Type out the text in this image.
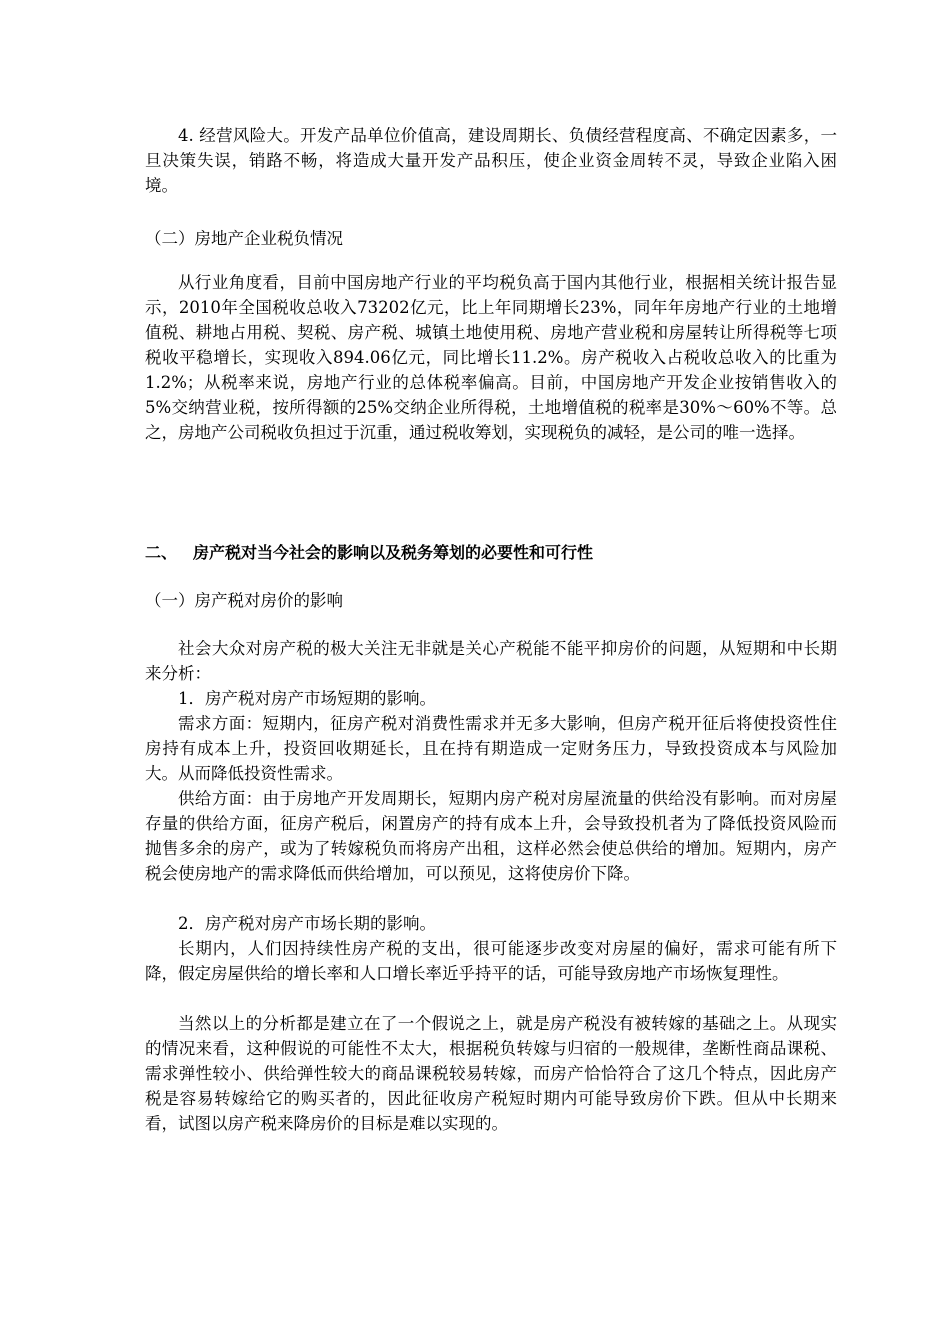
4. 经营风险大。开发产品单位价值高，建设周期长、负债经营程度高、不确定因素多，一旦决策失误，销路不畅，将造成大量开发产品积压，使企业资金周转不灵，导致企业陷入困境。

（二）房地产企业税负情况

从行业角度看，目前中国房地产行业的平均税负高于国内其他行业，根据相关统计报告显示，2010年全国税收总收入73202亿元，比上年同期增长23%，同年年房地产行业的土地增值税、耕地占用税、契税、房产税、城镇土地使用税、房地产营业税和房屋转让所得税等七项税收平稳增长，实现收入894.06亿元，同比增长11.2%。房产税收入占税收总收入的比重为1.2%；从税率来说，房地产行业的总体税率偏高。目前，中国房地产开发企业按销售收入的5%交纳营业税，按所得额的25%交纳企业所得税，土地增值税的税率是30%～60%不等。总之，房地产公司税收负担过于沉重，通过税收筹划，实现税负的减轻，是公司的唯一选择。

二、 房产税对当今社会的影响以及税务筹划的必要性和可行性

（一）房产税对房价的影响

社会大众对房产税的极大关注无非就是关心产税能不能平抑房价的问题，从短期和中长期来分析：

1．房产税对房产市场短期的影响。

需求方面：短期内，征房产税对消费性需求并无多大影响，但房产税开征后将使投资性住房持有成本上升，投资回收期延长，且在持有期造成一定财务压力，导致投资成本与风险加大。从而降低投资性需求。

供给方面：由于房地产开发周期长，短期内房产税对房屋流量的供给没有影响。而对房屋存量的供给方面，征房产税后，闲置房产的持有成本上升，会导致投机者为了降低投资风险而抛售多余的房产，或为了转嫁税负而将房产出租，这样必然会使总供给的增加。短期内，房产税会使房地产的需求降低而供给增加，可以预见，这将使房价下降。

2．房产税对房产市场长期的影响。

长期内，人们因持续性房产税的支出，很可能逐步改变对房屋的偏好，需求可能有所下降，假定房屋供给的增长率和人口增长率近乎持平的话，可能导致房地产市场恢复理性。

当然以上的分析都是建立在了一个假说之上，就是房产税没有被转嫁的基础之上。从现实的情况来看，这种假说的可能性不太大，根据税负转嫁与归宿的一般规律，垄断性商品课税、需求弹性较小、供给弹性较大的商品课税较易转嫁，而房产恰恰符合了这几个特点，因此房产税是容易转嫁给它的购买者的，因此征收房产税短时期内可能导致房价下跌。但从中长期来看，试图以房产税来降房价的目标是难以实现的。
